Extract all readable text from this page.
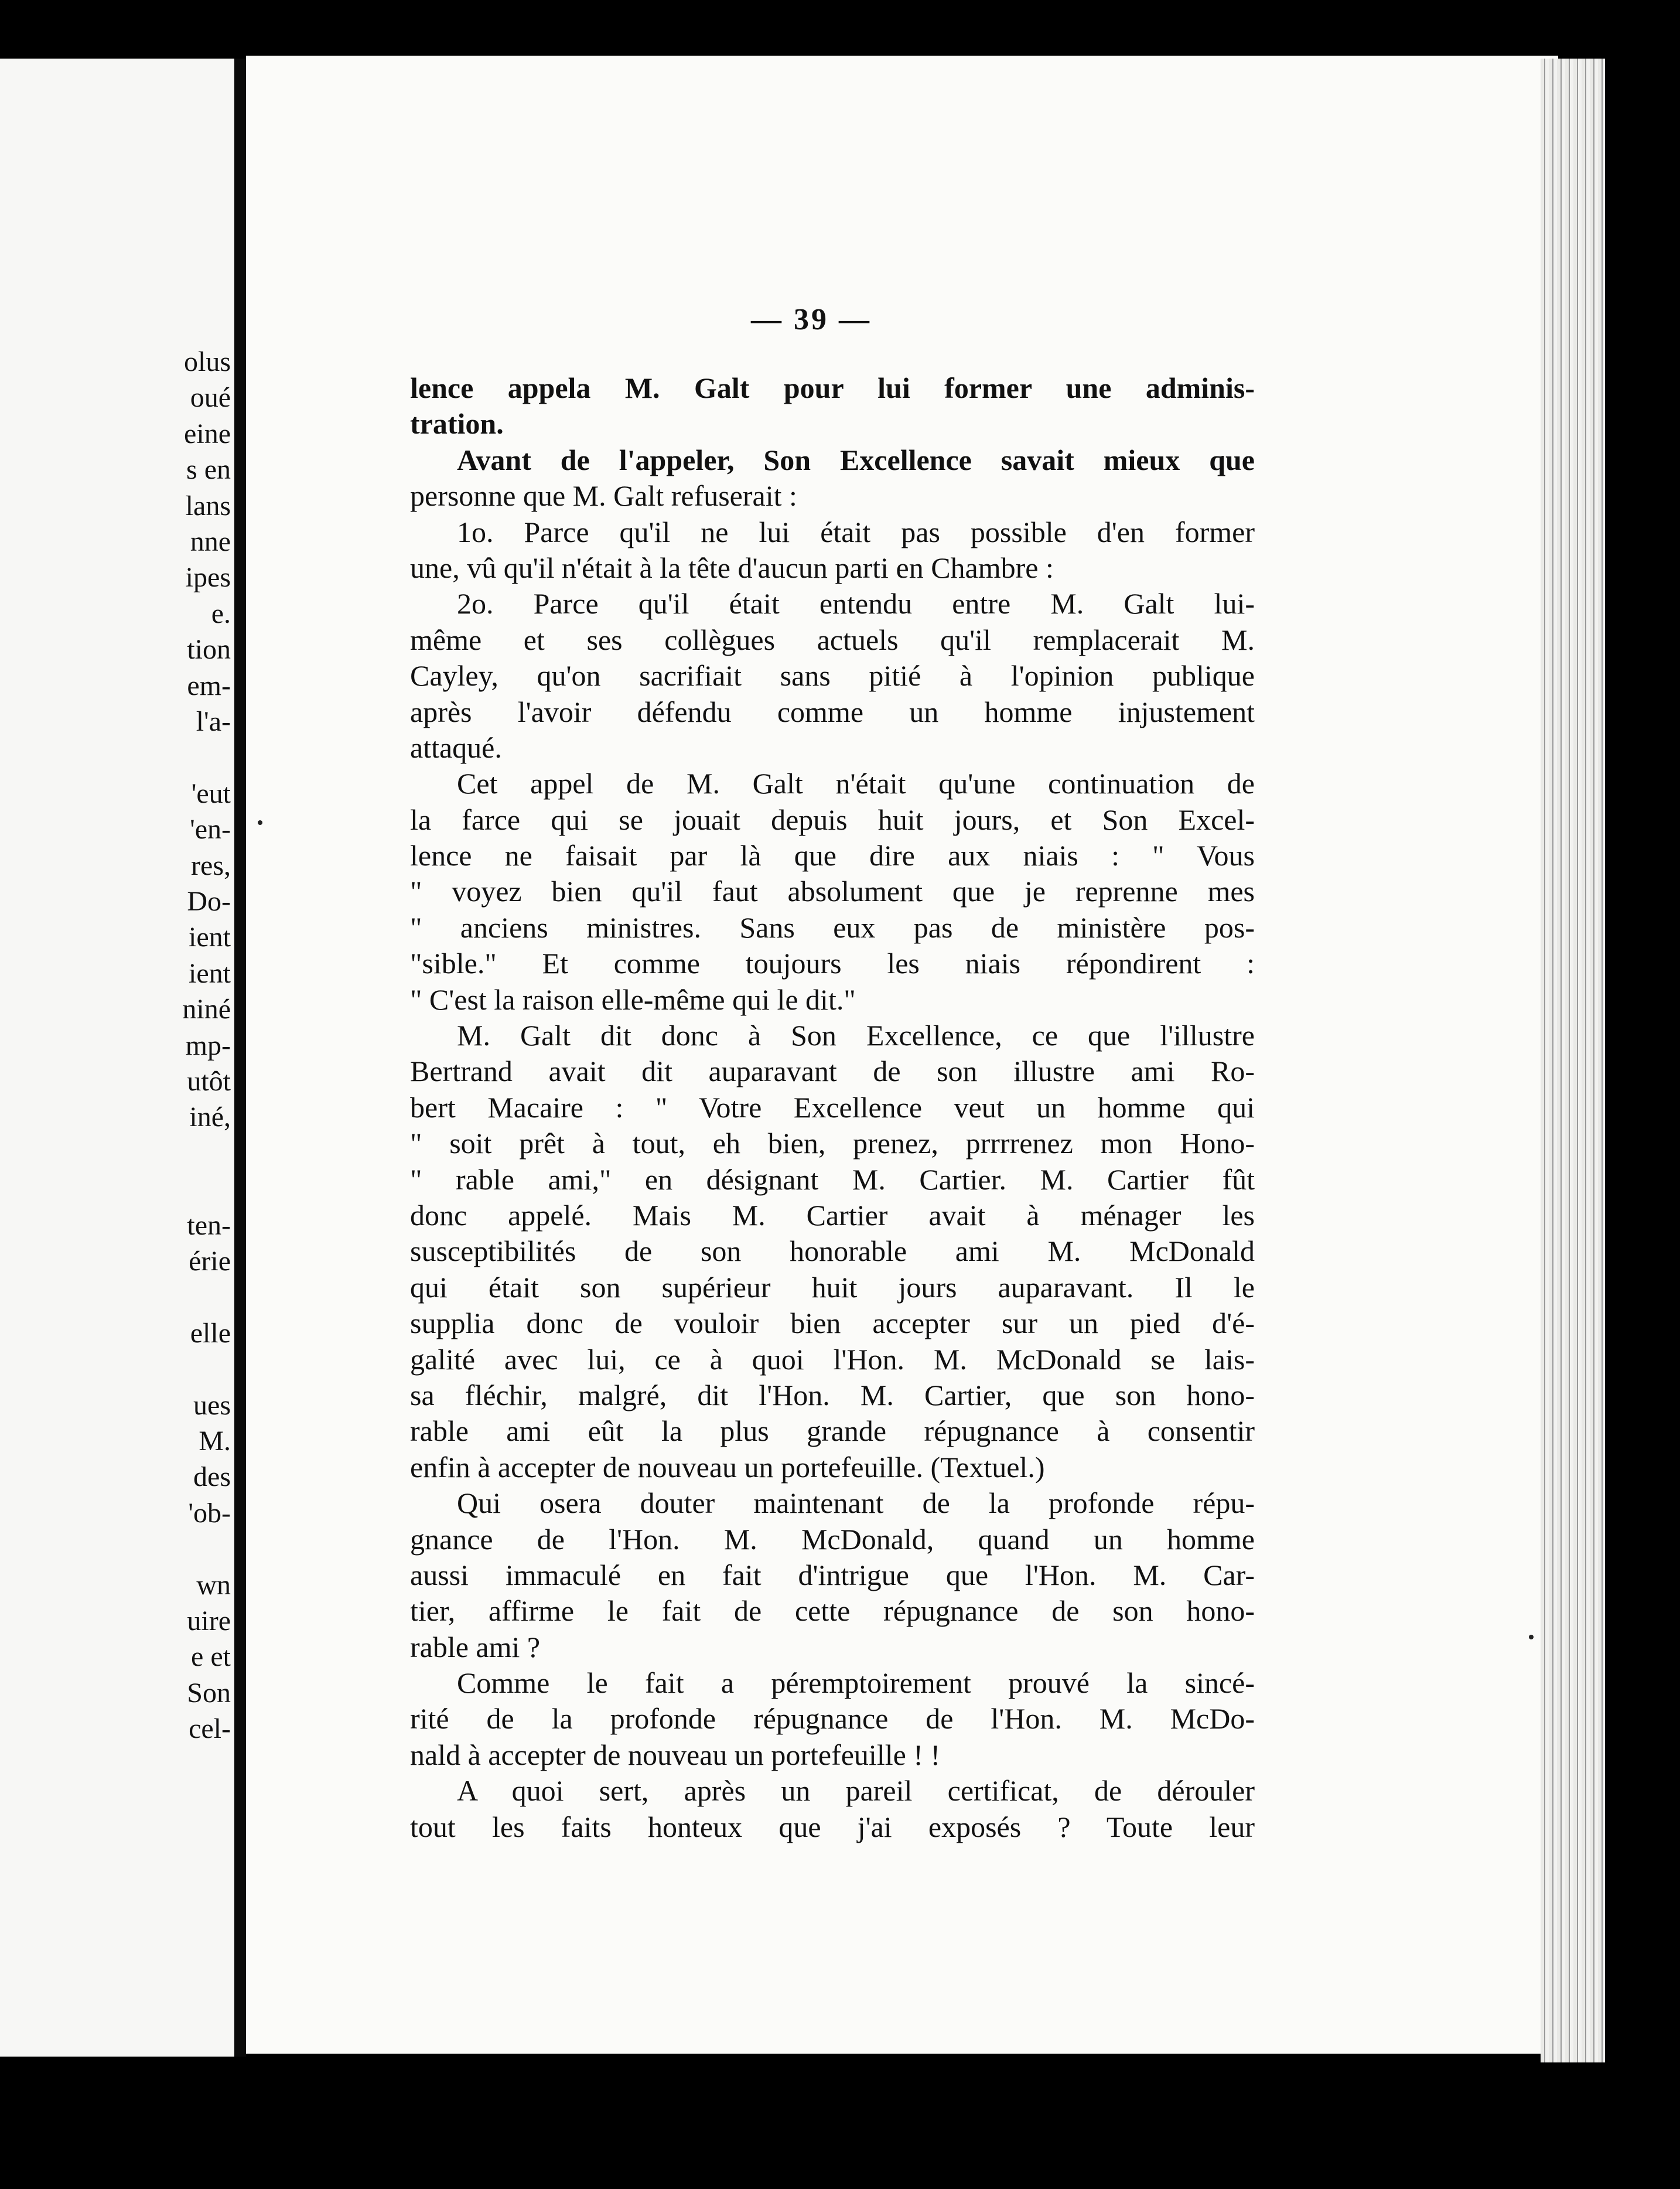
olus
oué
eine
s en
lans
nne
ipes
e.
tion
em-
l'a-
'eut
'en-
res,
Do-
ient
ient
niné
mp-
utôt
iné,
ten-
érie
elle
ues
M.
des
'ob-
wn
uire
e et
Son
cel-
— 39 —
lence appela M. Galt pour lui former une adminis-
tration.
Avant de l'appeler, Son Excellence savait mieux que
personne que M. Galt refuserait :
1o. Parce qu'il ne lui était pas possible d'en former
une, vû qu'il n'était à la tête d'aucun parti en Chambre :
2o. Parce qu'il était entendu entre M. Galt lui-
même et ses collègues actuels qu'il remplacerait M.
Cayley, qu'on sacrifiait sans pitié à l'opinion publique
après l'avoir défendu comme un homme injustement
attaqué.
Cet appel de M. Galt n'était qu'une continuation de
la farce qui se jouait depuis huit jours, et Son Excel-
lence ne faisait par là que dire aux niais : " Vous
" voyez bien qu'il faut absolument que je reprenne mes
" anciens ministres. Sans eux pas de ministère pos-
"sible." Et comme toujours les niais répondirent :
" C'est la raison elle-même qui le dit."
M. Galt dit donc à Son Excellence, ce que l'illustre
Bertrand avait dit auparavant de son illustre ami Ro-
bert Macaire : " Votre Excellence veut un homme qui
" soit prêt à tout, eh bien, prenez, prrrrenez mon Hono-
" rable ami," en désignant M. Cartier. M. Cartier fût
donc appelé. Mais M. Cartier avait à ménager les
susceptibilités de son honorable ami M. McDonald
qui était son supérieur huit jours auparavant. Il le
supplia donc de vouloir bien accepter sur un pied d'é-
galité avec lui, ce à quoi l'Hon. M. McDonald se lais-
sa fléchir, malgré, dit l'Hon. M. Cartier, que son hono-
rable ami eût la plus grande répugnance à consentir
enfin à accepter de nouveau un portefeuille. (Textuel.)
Qui osera douter maintenant de la profonde répu-
gnance de l'Hon. M. McDonald, quand un homme
aussi immaculé en fait d'intrigue que l'Hon. M. Car-
tier, affirme le fait de cette répugnance de son hono-
rable ami ?
Comme le fait a péremptoirement prouvé la sincé-
rité de la profonde répugnance de l'Hon. M. McDo-
nald à accepter de nouveau un portefeuille ! !
A quoi sert, après un pareil certificat, de dérouler
tout les faits honteux que j'ai exposés ? Toute leur
